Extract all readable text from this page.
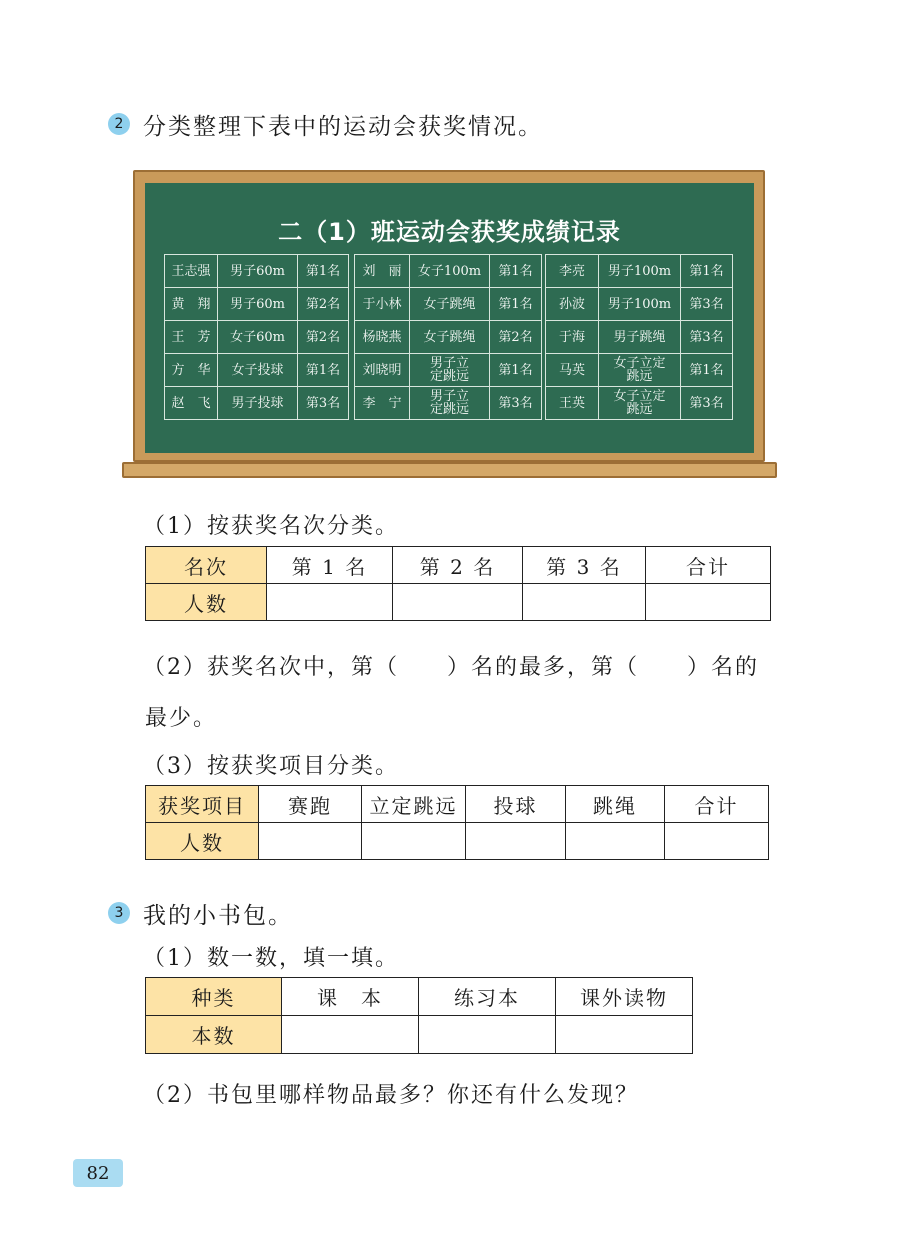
2 分类整理下表中的运动会获奖情况。
二（1）班运动会获奖成绩记录
王志强	男子60m	第1名
黄　翔	男子60m	第2名
王　芳	女子60m	第2名
方　华	女子投球	第1名
赵　飞	男子投球	第3名
刘　丽	女子100m	第1名
于小林	女子跳绳	第1名
杨晓燕	女子跳绳	第2名
刘晓明	男子立定跳远	第1名
李　宁	男子立定跳远	第3名
李亮	男子100m	第1名
孙波	男子100m	第3名
于海	男子跳绳	第3名
马英	女子立定跳远	第1名
王英	女子立定跳远	第3名
（1）按获奖名次分类。
名次	第 1 名	第 2 名	第 3 名	合计
人数				
（2）获奖名次中，第（　　）名的最多，第（　　）名的
最少。
（3）按获奖项目分类。
获奖项目	赛跑	立定跳远	投球	跳绳	合计
人数					
3 我的小书包。
（1）数一数，填一填。
种类	课　本	练习本	课外读物
本数			
（2）书包里哪样物品最多？你还有什么发现？
82
